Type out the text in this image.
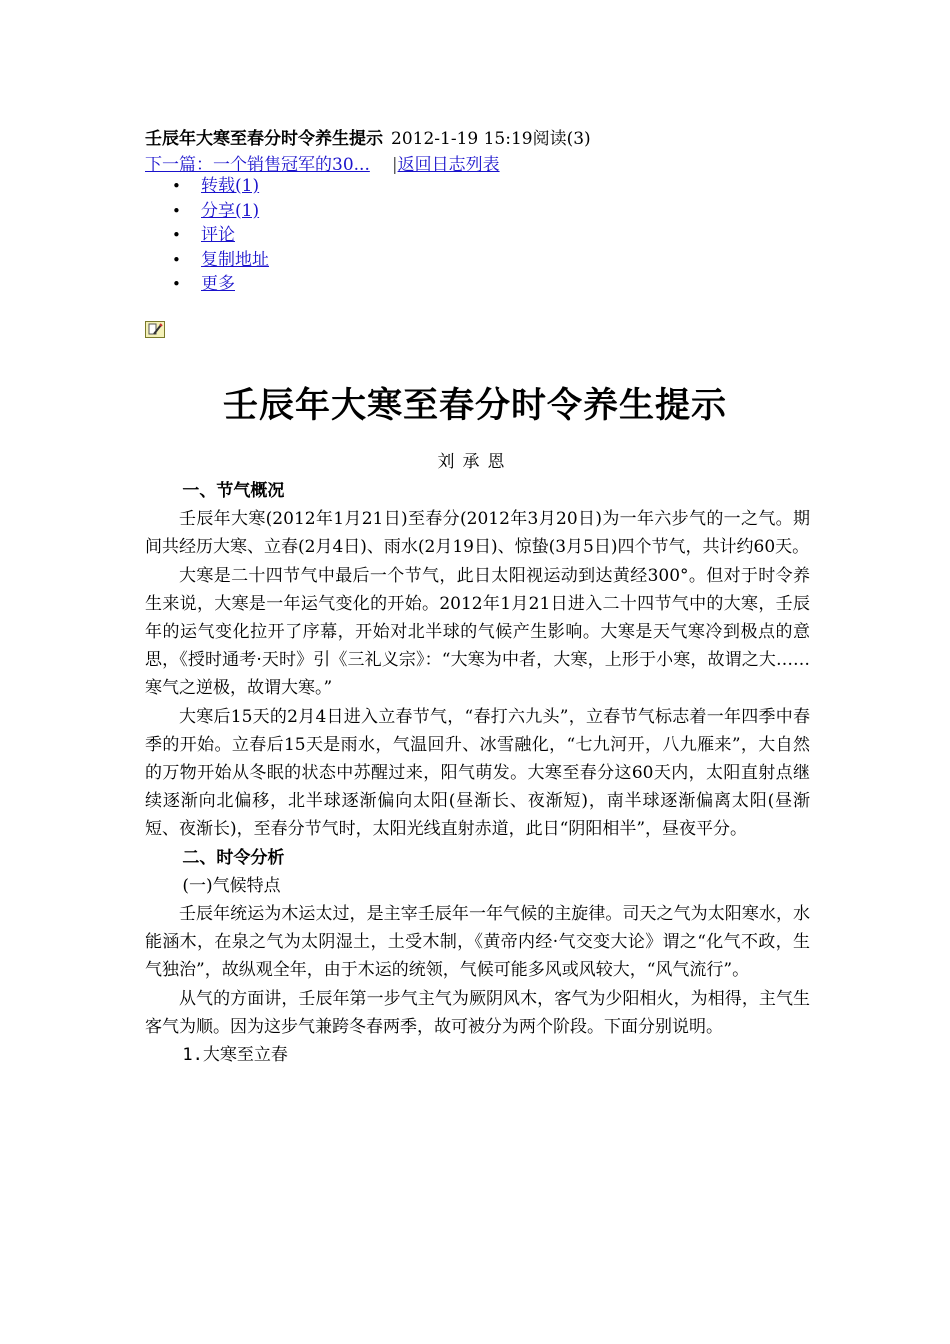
壬辰年大寒至春分时令养生提示 2012-1-19 15:19阅读(3)
下一篇：一个销售冠军的30... |返回日志列表
• 转载(1)
• 分享(1)
• 评论
• 复制地址
• 更多
壬辰年大寒至春分时令养生提示
刘承恩

一、节气概况

壬辰年大寒(2012年1月21日)至春分(2012年3月20日)为一年六步气的一之气。期间共经历大寒、立春(2月4日)、雨水(2月19日)、惊蛰(3月5日)四个节气，共计约60天。

大寒是二十四节气中最后一个节气，此日太阳视运动到达黄经300°。但对于时令养生来说，大寒是一年运气变化的开始。2012年1月21日进入二十四节气中的大寒，壬辰年的运气变化拉开了序幕，开始对北半球的气候产生影响。大寒是天气寒冷到极点的意思，《授时通考·天时》引《三礼义宗》：“大寒为中者，大寒，上形于小寒，故谓之大……寒气之逆极，故谓大寒。”

大寒后15天的2月4日进入立春节气，“春打六九头”，立春节气标志着一年四季中春季的开始。立春后15天是雨水，气温回升、冰雪融化，“七九河开，八九雁来”，大自然的万物开始从冬眠的状态中苏醒过来，阳气萌发。大寒至春分这60天内，太阳直射点继续逐渐向北偏移，北半球逐渐偏向太阳(昼渐长、夜渐短)，南半球逐渐偏离太阳(昼渐短、夜渐长)，至春分节气时，太阳光线直射赤道，此日“阴阳相半”，昼夜平分。

二、时令分析

(一)气候特点

壬辰年统运为木运太过，是主宰壬辰年一年气候的主旋律。司天之气为太阳寒水，水能涵木，在泉之气为太阴湿土，土受木制，《黄帝内经·气交变大论》谓之“化气不政，生气独治”，故纵观全年，由于木运的统领，气候可能多风或风较大，“风气流行”。

从气的方面讲，壬辰年第一步气主气为厥阴风木，客气为少阳相火，为相得，主气生客气为顺。因为这步气兼跨冬春两季，故可被分为两个阶段。下面分别说明。

1.大寒至立春
